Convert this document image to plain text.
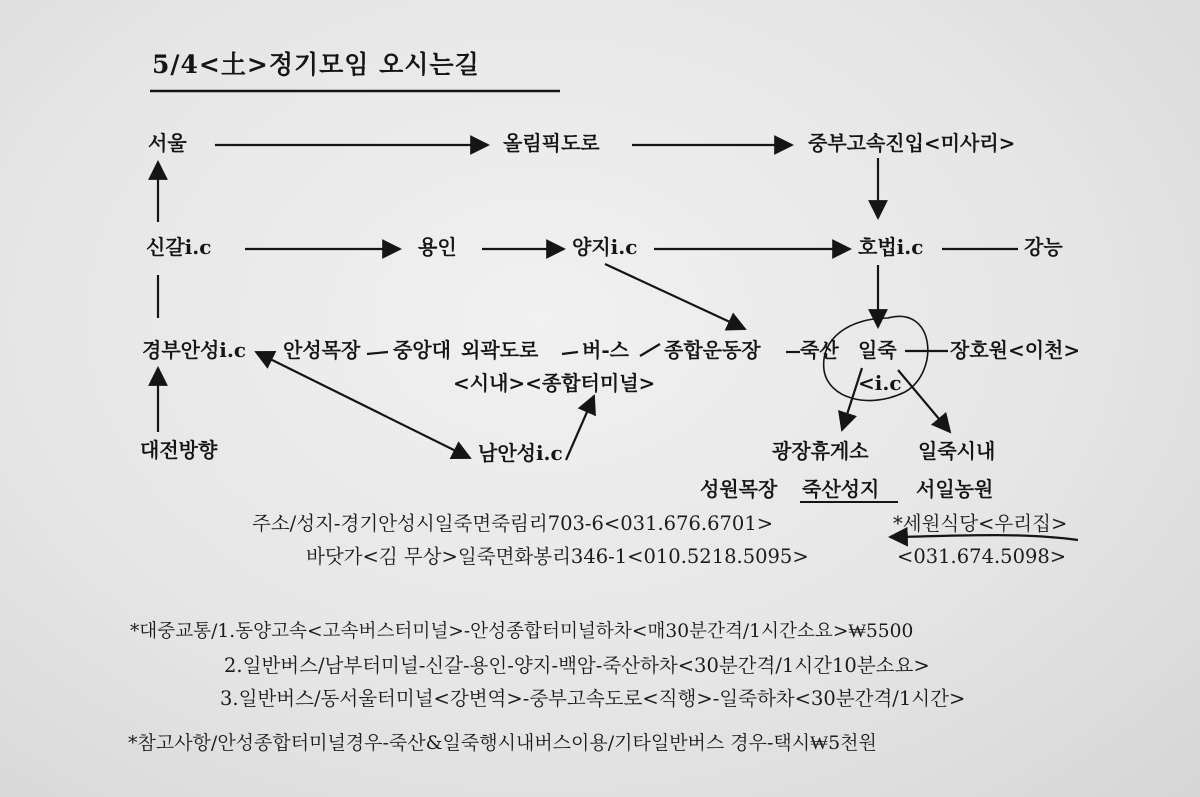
5/4<土>정기모임 오시는길
서울	올림픽도로	중부고속진입<미사리>
신갈i.c	용인	양지i.c	호법i.c	강능
경부안성i.c 안성목장 중앙대 외곽도로 버-스 종합운동장 죽산 일죽	장호원<이천>
<시내><종합터미널>	<i.c
대전방향	남안성i.c	광장휴게소 일죽시내
성원목장 죽산성지 서일농원
주소/성지-경기안성시일죽면죽림리703-6<031.676.6701>	*세원식당<우리집>
바닷가<김 무상>일죽면화봉리346-1<010.5218.5095>	<031.674.5098>
*대중교통/1.동양고속<고속버스터미널>-안성종합터미널하차<매30분간격/1시간소요>₩5500
2.일반버스/남부터미널-신갈-용인-양지-백암-죽산하차<30분간격/1시간10분소요>
3.일반버스/동서울터미널<강변역>-중부고속도로<직행>-일죽하차<30분간격/1시간>
*참고사항/안성종합터미널경우-죽산&일죽행시내버스이용/기타일반버스 경우-택시₩5천원
